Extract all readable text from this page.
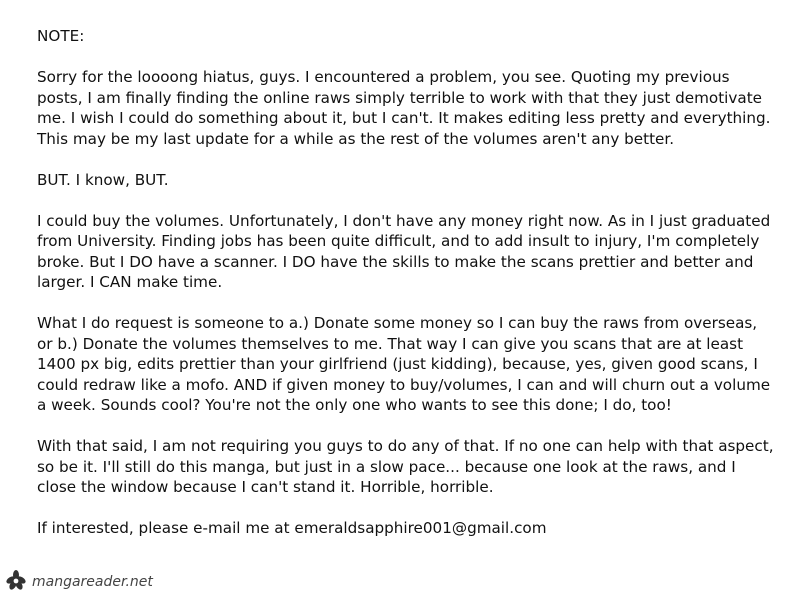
NOTE:

Sorry for the loooong hiatus, guys. I encountered a problem, you see. Quoting my previous posts, I am finally finding the online raws simply terrible to work with that they just demotivate me. I wish I could do something about it, but I can't. It makes editing less pretty and everything. This may be my last update for a while as the rest of the volumes aren't any better.

BUT. I know, BUT.

I could buy the volumes. Unfortunately, I don't have any money right now. As in I just graduated from University. Finding jobs has been quite difficult, and to add insult to injury, I'm completely broke. But I DO have a scanner. I DO have the skills to make the scans prettier and better and larger. I CAN make time.

What I do request is someone to a.) Donate some money so I can buy the raws from overseas, or b.) Donate the volumes themselves to me. That way I can give you scans that are at least 1400 px big, edits prettier than your girlfriend (just kidding), because, yes, given good scans, I could redraw like a mofo. AND if given money to buy/volumes, I can and will churn out a volume a week. Sounds cool? You're not the only one who wants to see this done; I do, too!

With that said, I am not requiring you guys to do any of that. If no one can help with that aspect, so be it. I'll still do this manga, but just in a slow pace... because one look at the raws, and I close the window because I can't stand it. Horrible, horrible.

If interested, please e-mail me at emeraldsapphire001@gmail.com

mangareader.net
